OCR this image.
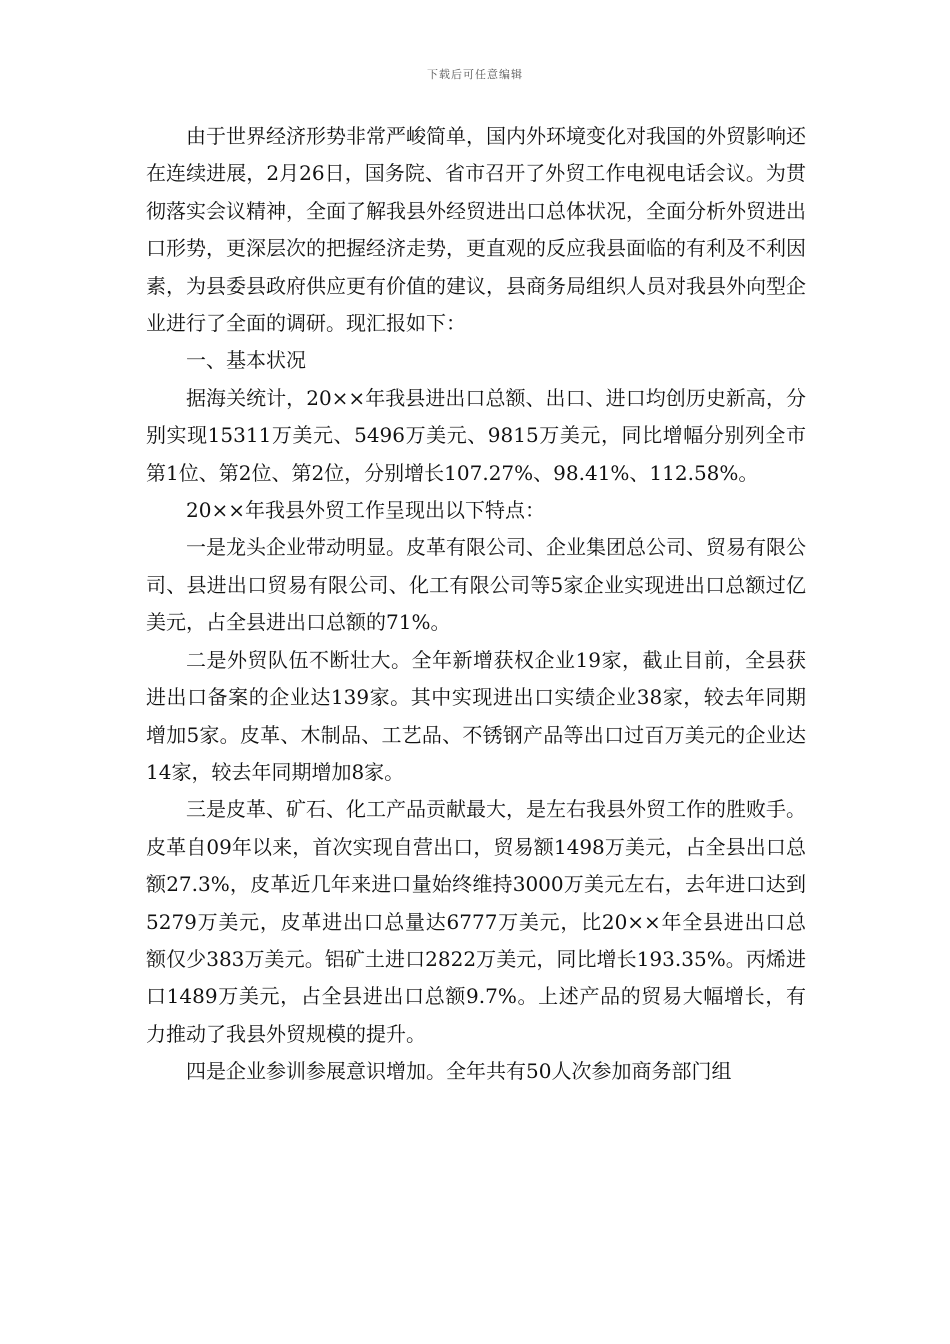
下载后可任意编辑

由于世界经济形势非常严峻简单，国内外环境变化对我国的外贸影响还在连续进展，2月26日，国务院、省市召开了外贸工作电视电话会议。为贯彻落实会议精神，全面了解我县外经贸进出口总体状况，全面分析外贸进出口形势，更深层次的把握经济走势，更直观的反应我县面临的有利及不利因素，为县委县政府供应更有价值的建议，县商务局组织人员对我县外向型企业进行了全面的调研。现汇报如下：

一、基本状况

据海关统计，20××年我县进出口总额、出口、进口均创历史新高，分别实现15311万美元、5496万美元、9815万美元，同比增幅分别列全市第1位、第2位、第2位，分别增长107.27%、98.41%、112.58%。

20××年我县外贸工作呈现出以下特点：

一是龙头企业带动明显。皮革有限公司、企业集团总公司、贸易有限公司、县进出口贸易有限公司、化工有限公司等5家企业实现进出口总额过亿美元，占全县进出口总额的71%。

二是外贸队伍不断壮大。全年新增获权企业19家，截止目前，全县获进出口备案的企业达139家。其中实现进出口实绩企业38家，较去年同期增加5家。皮革、木制品、工艺品、不锈钢产品等出口过百万美元的企业达14家，较去年同期增加8家。

三是皮革、矿石、化工产品贡献最大，是左右我县外贸工作的胜败手。皮革自09年以来，首次实现自营出口，贸易额1498万美元，占全县出口总额27.3%，皮革近几年来进口量始终维持3000万美元左右，去年进口达到5279万美元，皮革进出口总量达6777万美元，比20××年全县进出口总额仅少383万美元。铝矿土进口2822万美元，同比增长193.35%。丙烯进口1489万美元，占全县进出口总额9.7%。上述产品的贸易大幅增长，有力推动了我县外贸规模的提升。

四是企业参训参展意识增加。全年共有50人次参加商务部门组
